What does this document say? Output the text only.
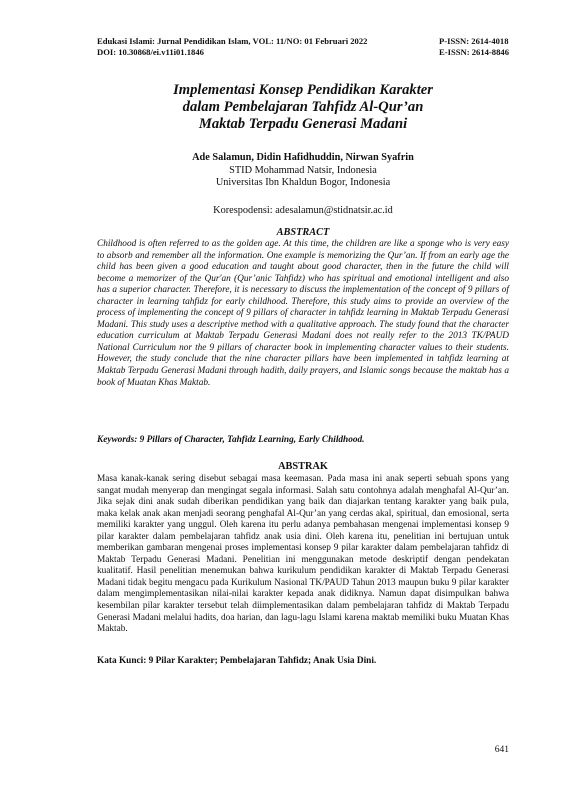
Edukasi Islami: Jurnal Pendidikan Islam, VOL: 11/NO: 01 Februari 2022
DOI: 10.30868/ei.v11i01.1846
P-ISSN: 2614-4018
E-ISSN: 2614-8846
Implementasi Konsep Pendidikan Karakter
dalam Pembelajaran Tahfidz Al-Qur’an
Maktab Terpadu Generasi Madani
Ade Salamun, Didin Hafidhuddin, Nirwan Syafrin
STID Mohammad Natsir, Indonesia
Universitas Ibn Khaldun Bogor, Indonesia
Korespodensi: adesalamun@stidnatsir.ac.id
ABSTRACT
Childhood is often referred to as the golden age. At this time, the children are like a sponge who is very easy to absorb and remember all the information. One example is memorizing the Qur’an. If from an early age the child has been given a good education and taught about good character, then in the future the child will become a memorizer of the Qur'an (Qur’anic Tahfidz) who has spiritual and emotional intelligent and also has a superior character. Therefore, it is necessary to discuss the implementation of the concept of 9 pillars of character in learning tahfidz for early childhood. Therefore, this study aims to provide an overview of the process of implementing the concept of 9 pillars of character in tahfidz learning in Maktab Terpadu Generasi Madani. This study uses a descriptive method with a qualitative approach. The study found that the character education curriculum at Maktab Terpadu Generasi Madani does not really refer to the 2013 TK/PAUD National Curriculum nor the 9 pillars of character book in implementing character values to their students. However, the study conclude that the nine character pillars have been implemented in tahfidz learning at Maktab Terpadu Generasi Madani through hadith, daily prayers, and Islamic songs because the maktab has a book of Muatan Khas Maktab.
Keywords: 9 Pillars of Character, Tahfidz Learning, Early Childhood.
ABSTRAK
Masa kanak-kanak sering disebut sebagai masa keemasan. Pada masa ini anak seperti sebuah spons yang sangat mudah menyerap dan mengingat segala informasi. Salah satu contohnya adalah menghafal Al-Qur’an. Jika sejak dini anak sudah diberikan pendidikan yang baik dan diajarkan tentang karakter yang baik pula, maka kelak anak akan menjadi seorang penghafal Al-Qur’an yang cerdas akal, spiritual, dan emosional, serta memiliki karakter yang unggul. Oleh karena itu perlu adanya pembahasan mengenai implementasi konsep 9 pilar karakter dalam pembelajaran tahfidz anak usia dini. Oleh karena itu, penelitian ini bertujuan untuk memberikan gambaran mengenai proses implementasi konsep 9 pilar karakter dalam pembelajaran tahfidz di Maktab Terpadu Generasi Madani. Penelitian ini menggunakan metode deskriptif dengan pendekatan kualitatif. Hasil penelitian menemukan bahwa kurikulum pendidikan karakter di Maktab Terpadu Generasi Madani tidak begitu mengacu pada Kurikulum Nasional TK/PAUD Tahun 2013 maupun buku 9 pilar karakter dalam mengimplementasikan nilai-nilai karakter kepada anak didiknya. Namun dapat disimpulkan bahwa kesembilan pilar karakter tersebut telah diimplementasikan dalam pembelajaran tahfidz di Maktab Terpadu Generasi Madani melalui hadits, doa harian, dan lagu-lagu Islami karena maktab memiliki buku Muatan Khas Maktab.
Kata Kunci: 9 Pilar Karakter; Pembelajaran Tahfidz; Anak Usia Dini.
641
